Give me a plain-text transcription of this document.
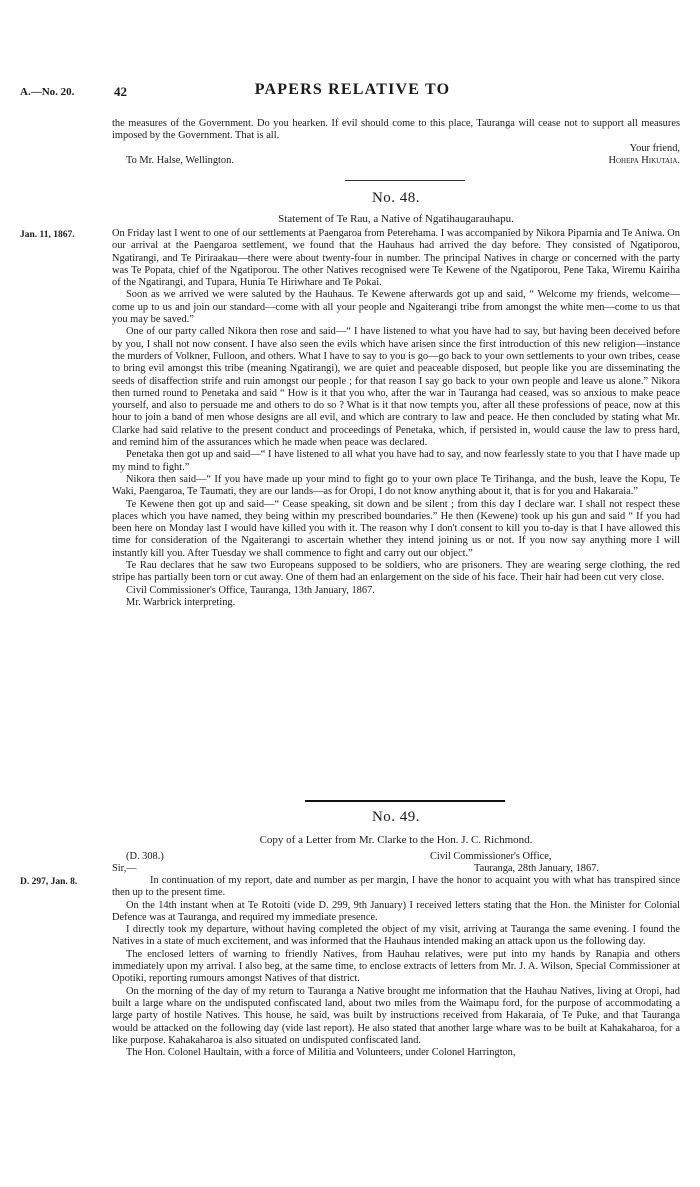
A.—No. 20.	42	PAPERS RELATIVE TO
the measures of the Government. Do you hearken. If evil should come to this place, Tauranga will cease not to support all measures imposed by the Government. That is all.
Your friend,
To Mr. Halse, Wellington.	Hohepa Hikutaia.
No. 48.
Statement of Te Rau, a Native of Ngatihaugarauhapu.
Jan. 11, 1867.	On Friday last I went to one of our settlements at Paengaroa from Peterehama. I was accompanied by Nikora Piparnia and Te Aniwa. On our arrival at the Paengaroa settlement, we found that the Hauhaus had arrived the day before. They consisted of Ngatiporou, Ngatirangi, and Te Piriraakau—there were about twenty-four in number. The principal Natives in charge or concerned with the party was Te Popata, chief of the Ngatiporou. The other Natives recognised were Te Kewene of the Ngatiporou, Pene Taka, Wiremu Kairiha of the Ngatirangi, and Tupara, Hunia Te Hiriwhare and Te Pokai.

Soon as we arrived we were saluted by the Hauhaus. Te Kewene afterwards got up and said, “ Welcome my friends, welcome—come up to us and join our standard—come with all your people and Ngaiterangi tribe from amongst the white men—come to us that you may be saved.”

One of our party called Nikora then rose and said—“ I have listened to what you have had to say, but having been deceived before by you, I shall not now consent. I have also seen the evils which have arisen since the first introduction of this new religion—instance the murders of Volkner, Fulloon, and others. What I have to say to you is go—go back to your own settlements to your own tribes, cease to bring evil amongst this tribe (meaning Ngatirangi), we are quiet and peaceable disposed, but people like you are disseminating the seeds of disaffection strife and ruin amongst our people ; for that reason I say go back to your own people and leave us alone.” Nikora then turned round to Penetaka and said “ How is it that you who, after the war in Tauranga had ceased, was so anxious to make peace yourself, and also to persuade me and others to do so ? What is it that now tempts you, after all these professions of peace, now at this hour to join a band of men whose designs are all evil, and which are contrary to law and peace. He then concluded by stating what Mr. Clarke had said relative to the present conduct and proceedings of Penetaka, which, if persisted in, would cause the law to press hard, and remind him of the assurances which he made when peace was declared.

Penetaka then got up and said—“ I have listened to all what you have had to say, and now fearlessly state to you that I have made up my mind to fight.”

Nikora then said—“ If you have made up your mind to fight go to your own place Te Tirihanga, and the bush, leave the Kopu, Te Waki, Paengaroa, Te Taumati, they are our lands—as for Oropi, I do not know anything about it, that is for you and Hakaraia.”

Te Kewene then got up and said—“ Cease speaking, sit down and be silent ; from this day I declare war. I shall not respect these places which you have named, they being within my prescribed boundaries.” He then (Kewene) took up his gun and said “ If you had been here on Monday last I would have killed you with it. The reason why I don't consent to kill you to-day is that I have allowed this time for consideration of the Ngaiterangi to ascertain whether they intend joining us or not. If you now say anything more I will instantly kill you. After Tuesday we shall commence to fight and carry out our object.”

Te Rau declares that he saw two Europeans supposed to be soldiers, who are prisoners. They are wearing serge clothing, the red stripe has partially been torn or cut away. One of them had an enlargement on the side of his face. Their hair had been cut very close.

Civil Commissioner's Office, Tauranga, 13th January, 1867.

Mr. Warbrick interpreting.

No. 49.
Copy of a Letter from Mr. Clarke to the Hon. J. C. Richmond.
(D. 308.)	Civil Commissioner's Office,
Sir,—	Tauranga, 28th January, 1867.
D. 297, Jan. 8.	In continuation of my report, date and number as per margin, I have the honor to acquaint you with what has transpired since then up to the present time.

On the 14th instant when at Te Rotoiti (vide D. 299, 9th January) I received letters stating that the Hon. the Minister for Colonial Defence was at Tauranga, and required my immediate presence.

I directly took my departure, without having completed the object of my visit, arriving at Tauranga the same evening. I found the Natives in a state of much excitement, and was informed that the Hauhaus intended making an attack upon us the following day.

The enclosed letters of warning to friendly Natives, from Hauhau relatives, were put into my hands by Ranapia and others immediately upon my arrival. I also beg, at the same time, to enclose extracts of letters from Mr. J. A. Wilson, Special Commissioner at Opotiki, reporting rumours amongst Natives of that district.

On the morning of the day of my return to Tauranga a Native brought me information that the Hauhau Natives, living at Oropi, had built a large whare on the undisputed confiscated land, about two miles from the Waimapu ford, for the purpose of accommodating a large party of hostile Natives. This house, he said, was built by instructions received from Hakaraia, of Te Puke, and that Tauranga would be attacked on the following day (vide last report). He also stated that another large whare was to be built at Kahakaharoa, for a like purpose. Kahakaharoa is also situated on undisputed confiscated land.

The Hon. Colonel Haultain, with a force of Militia and Volunteers, under Colonel Harrington,
